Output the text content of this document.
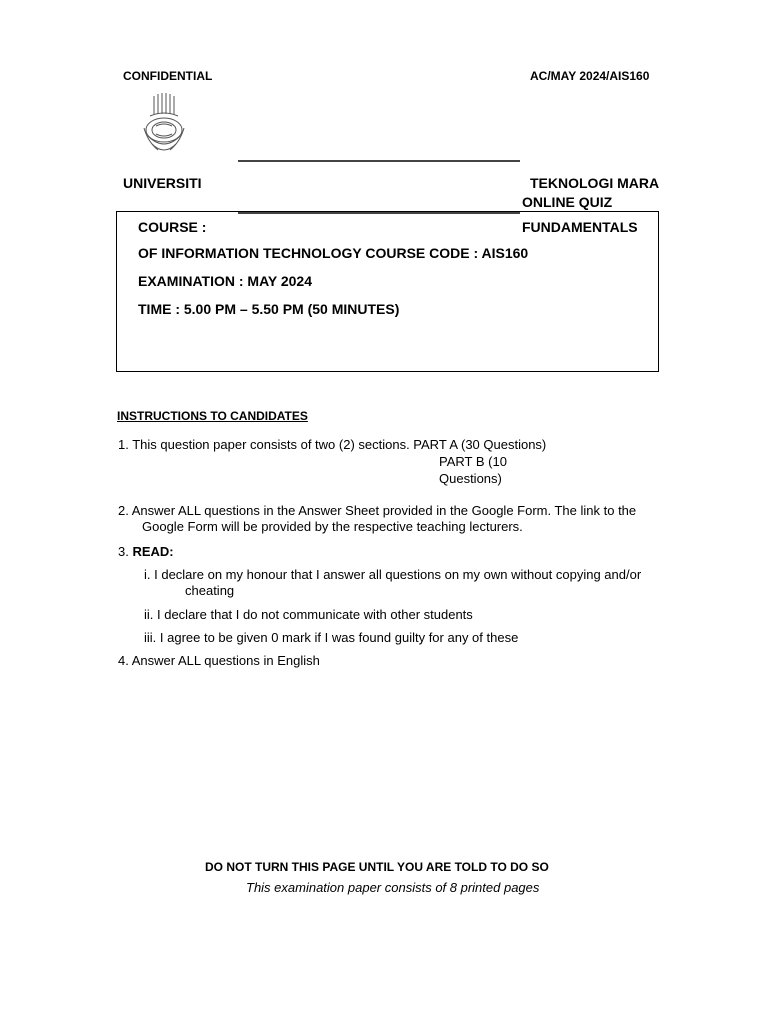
CONFIDENTIAL	AC/MAY 2024/AIS160
UNIVERSITI	TEKNOLOGI MARA
ONLINE QUIZ
COURSE :	FUNDAMENTALS
OF INFORMATION TECHNOLOGY COURSE CODE : AIS160
EXAMINATION : MAY 2024
TIME : 5.00 PM – 5.50 PM (50 MINUTES)
INSTRUCTIONS TO CANDIDATES
1. This question paper consists of two (2) sections. PART A (30 Questions)
PART B (10
Questions)
2. Answer ALL questions in the Answer Sheet provided in the Google Form. The link to the
Google Form will be provided by the respective teaching lecturers.
3. READ:
i. I declare on my honour that I answer all questions on my own without copying and/or
cheating
ii. I declare that I do not communicate with other students
iii. I agree to be given 0 mark if I was found guilty for any of these
4. Answer ALL questions in English
DO NOT TURN THIS PAGE UNTIL YOU ARE TOLD TO DO SO
This examination paper consists of 8 printed pages
